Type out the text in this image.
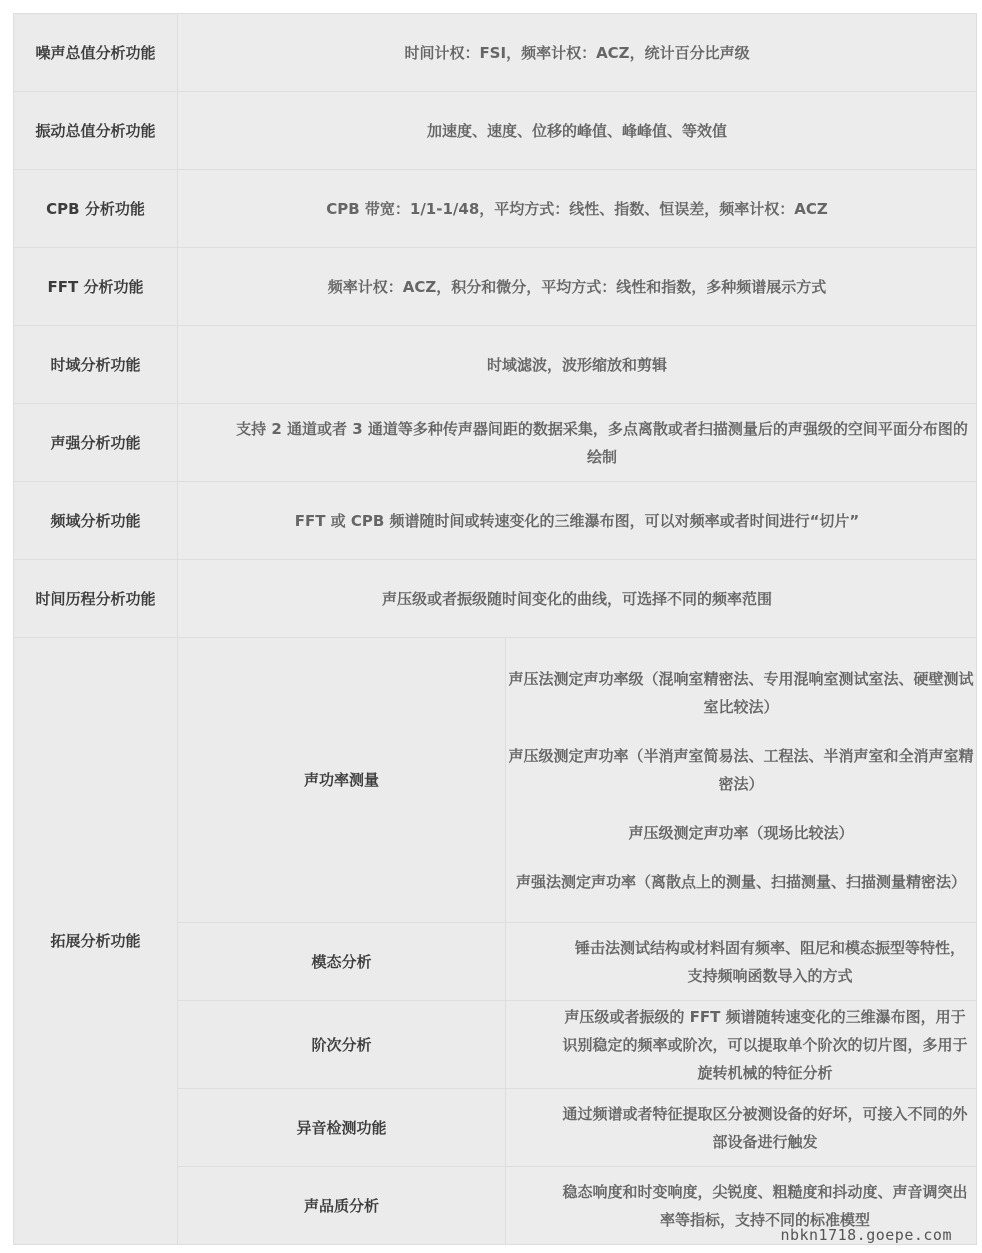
噪声总值分析功能	时间计权：FSI，频率计权：ACZ，统计百分比声级	
振动总值分析功能	加速度、速度、位移的峰值、峰峰值、等效值	
CPB 分析功能	CPB 带宽：1/1-1/48，平均方式：线性、指数、恒误差，频率计权：ACZ	
FFT 分析功能	频率计权：ACZ，积分和微分，平均方式：线性和指数，多种频谱展示方式	
时域分析功能	时域滤波，波形缩放和剪辑	
声强分析功能	支持 2 通道或者 3 通道等多种传声器间距的数据采集，多点离散或者扫描测量后的声强级的空间平面分布图的绘制	
频域分析功能	FFT 或 CPB 频谱随时间或转速变化的三维瀑布图，可以对频率或者时间进行“切片”	
时间历程分析功能	声压级或者振级随时间变化的曲线，可选择不同的频率范围	
拓展分析功能	声功率测量	声压法测定声功率级（混响室精密法、专用混响室测试室法、硬壁测试室比较法）
声压级测定声功率（半消声室简易法、工程法、半消声室和全消声室精密法）
声压级测定声功率（现场比较法）
声强法测定声功率（离散点上的测量、扫描测量、扫描测量精密法）

	模态分析	锤击法测试结构或材料固有频率、阻尼和模态振型等特性，支持频响函数导入的方式
	阶次分析	声压级或者振级的 FFT 频谱随转速变化的三维瀑布图，用于识别稳定的频率或阶次，可以提取单个阶次的切片图，多用于旋转机械的特征分析
	异音检测功能	通过频谱或者特征提取区分被测设备的好坏，可接入不同的外部设备进行触发
	声品质分析	稳态响度和时变响度，尖锐度、粗糙度和抖动度、声音调突出率等指标，支持不同的标准模型
nbkn1718.goepe.com
